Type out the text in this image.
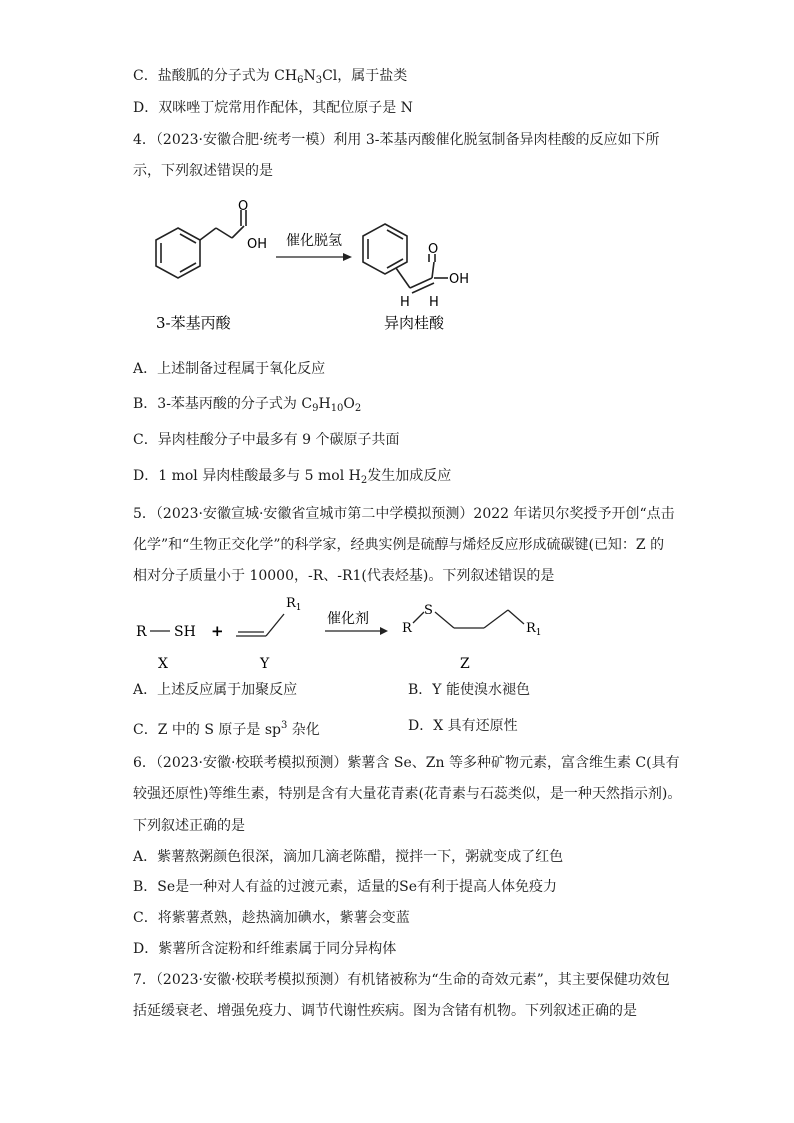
C．盐酸胍的分子式为 $CH_6N_3Cl$，属于盐类
D．双咪唑丁烷常用作配体，其配位原子是 N
4．（2023·安徽合肥·统考一模）利用 3-苯基丙酸催化脱氢制备异肉桂酸的反应如下所
示，下列叙述错误的是
O
OH 催化脱氢
O
OH
H H
3-苯基丙酸	异肉桂酸
A．上述制备过程属于氧化反应
B．3-苯基丙酸的分子式为 $C_9H_{10}O_2$
C．异肉桂酸分子中最多有 9 个碳原子共面
D．1 mol 异肉桂酸最多与 5 mol $H_2$发生加成反应
5．（2023·安徽宣城·安徽省宣城市第二中学模拟预测）2022 年诺贝尔奖授予开创“点击
化学”和“生物正交化学”的科学家，经典实例是硫醇与烯烃反应形成硫碳键(已知：Z 的
相对分子质量小于 10000，-R、-R1(代表烃基)。下列叙述错误的是
R SH +
$R_1$
催化剂
R
S
$R_1$
X	Y	Z
A．上述反应属于加聚反应	B．Y 能使溴水褪色
C．Z 中的 S 原子是 $sp^3$ 杂化	D．X 具有还原性
6．（2023·安徽·校联考模拟预测）紫薯含 Se、Zn 等多种矿物元素，富含维生素 C(具有
较强还原性)等维生素，特别是含有大量花青素(花青素与石蕊类似，是一种天然指示剂)。
下列叙述正确的是
A．紫薯熬粥颜色很深，滴加几滴老陈醋，搅拌一下，粥就变成了红色
B．Se是一种对人有益的过渡元素，适量的Se有利于提高人体免疫力
C．将紫薯煮熟，趁热滴加碘水，紫薯会变蓝
D．紫薯所含淀粉和纤维素属于同分异构体
7．（2023·安徽·校联考模拟预测）有机锗被称为“生命的奇效元素”，其主要保健功效包
括延缓衰老、增强免疫力、调节代谢性疾病。图为含锗有机物。下列叙述正确的是
